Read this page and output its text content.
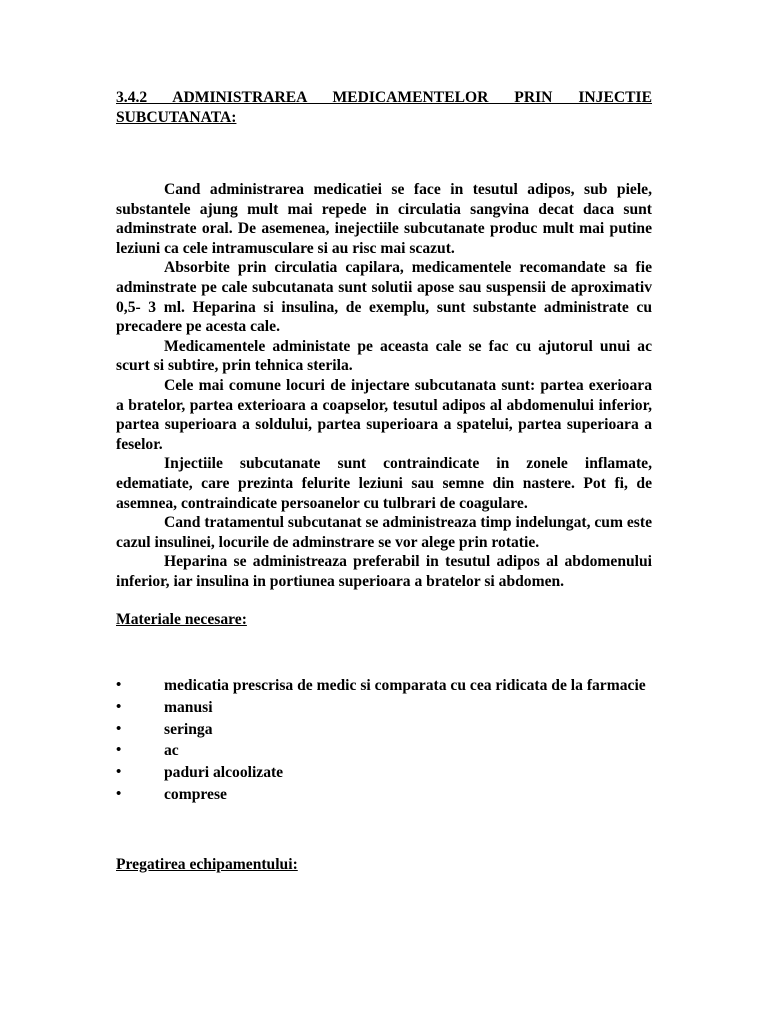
3.4.2 ADMINISTRAREA MEDICAMENTELOR PRIN INJECTIE SUBCUTANATA:

Cand administrarea medicatiei se face in tesutul adipos, sub piele, substantele ajung mult mai repede in circulatia sangvina decat daca sunt adminstrate oral. De asemenea, inejectiile subcutanate produc mult mai putine leziuni ca cele intramusculare si au risc mai scazut.

Absorbite prin circulatia capilara, medicamentele recomandate sa fie adminstrate pe cale subcutanata sunt solutii apose sau suspensii de aproximativ 0,5- 3 ml. Heparina si insulina, de exemplu, sunt substante administrate cu precadere pe acesta cale.

Medicamentele administate pe aceasta cale se fac cu ajutorul unui ac scurt si subtire, prin tehnica sterila.

Cele mai comune locuri de injectare subcutanata sunt: partea exerioara a bratelor, partea exterioara a coapselor, tesutul adipos al abdomenului inferior, partea superioara a soldului, partea superioara a spatelui, partea superioara a feselor.

Injectiile subcutanate sunt contraindicate in zonele inflamate, edematiate, care prezinta felurite leziuni sau semne din nastere. Pot fi, de asemnea, contraindicate persoanelor cu tulbrari de coagulare.

Cand tratamentul subcutanat se administreaza timp indelungat, cum este cazul insulinei, locurile de adminstrare se vor alege prin rotatie.

Heparina se administreaza preferabil in tesutul adipos al abdomenului inferior, iar insulina in portiunea superioara a bratelor si abdomen.

Materiale necesare:

•	medicatia prescrisa de medic si comparata cu cea ridicata de la farmacie
•	manusi
•	seringa
•	ac
•	paduri alcoolizate
•	comprese

Pregatirea echipamentului:
